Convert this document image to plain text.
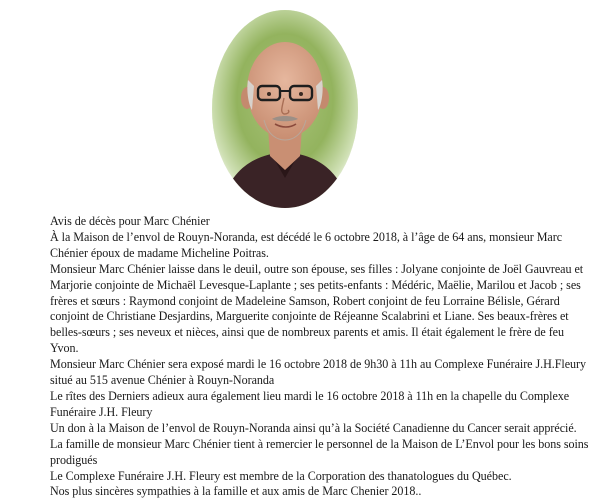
Avis de décès pour Marc Chénier

À la Maison de l’envol de Rouyn-Noranda, est décédé le 6 octobre 2018, à l’âge de 64 ans, monsieur Marc Chénier époux de madame Micheline Poitras.

Monsieur Marc Chénier laisse dans le deuil, outre son épouse, ses filles : Jolyane conjointe de Joël Gauvreau et Marjorie conjointe de Michaël Levesque-Laplante ; ses petits-enfants : Médéric, Maëlie, Marilou et Jacob ; ses frères et sœurs : Raymond conjoint de Madeleine Samson, Robert conjoint de feu Lorraine Bélisle, Gérard conjoint de Christiane Desjardins, Marguerite conjointe de Réjeanne Scalabrini et Liane. Ses beaux-frères et belles-sœurs ; ses neveux et nièces, ainsi que de nombreux parents et amis. Il était également le frère de feu Yvon.

Monsieur Marc Chénier sera exposé mardi le 16 octobre 2018 de 9h30 à 11h au Complexe Funéraire J.H.Fleury situé au 515 avenue Chénier à Rouyn-Noranda

Le rîtes des Derniers adieux aura également lieu mardi le 16 octobre 2018 à 11h en la chapelle du Complexe Funéraire J.H. Fleury

Un don à la Maison de l’envol de Rouyn-Noranda ainsi qu’à la Société Canadienne du Cancer serait apprécié.

La famille de monsieur Marc Chénier tient à remercier le personnel de la Maison de L’Envol pour les bons soins prodigués

Le Complexe Funéraire J.H. Fleury est membre de la Corporation des thanatologues du Québec.

Nos plus sincères sympathies à la famille et aux amis de Marc Chenier 2018..
